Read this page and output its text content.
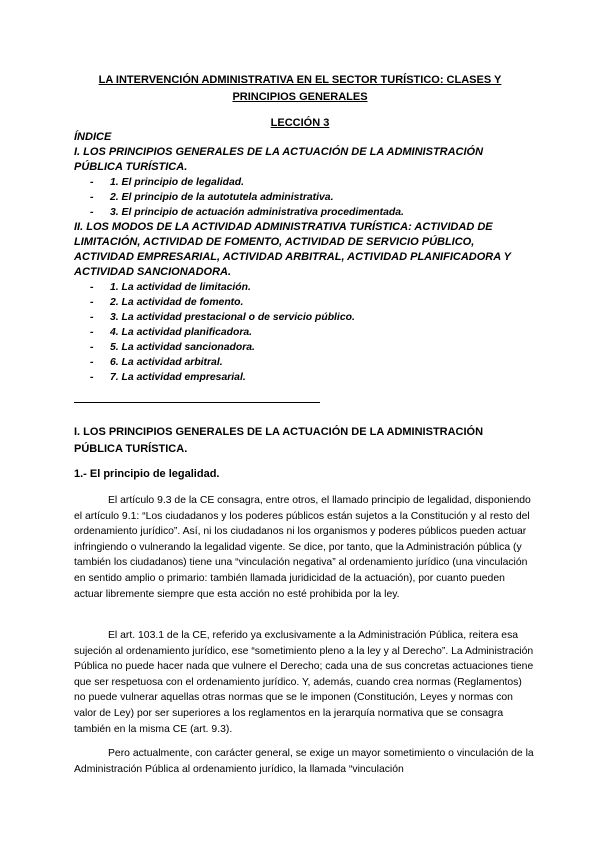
LA INTERVENCIÓN ADMINISTRATIVA EN EL SECTOR TURÍSTICO: CLASES Y PRINCIPIOS GENERALES
LECCIÓN 3
ÍNDICE
I. LOS PRINCIPIOS GENERALES DE LA ACTUACIÓN DE LA ADMINISTRACIÓN PÚBLICA TURÍSTICA.
- 1. El principio de legalidad.
- 2. El principio de la autotutela administrativa.
- 3. El principio de actuación administrativa procedimentada.
II. LOS MODOS DE LA ACTIVIDAD ADMINISTRATIVA TURÍSTICA: ACTIVIDAD DE LIMITACIÓN, ACTIVIDAD DE FOMENTO, ACTIVIDAD DE SERVICIO PÚBLICO, ACTIVIDAD EMPRESARIAL, ACTIVIDAD ARBITRAL, ACTIVIDAD PLANIFICADORA Y ACTIVIDAD SANCIONADORA.
- 1. La actividad de limitación.
- 2. La actividad de fomento.
- 3. La actividad prestacional o de servicio público.
- 4. La actividad planificadora.
- 5. La actividad sancionadora.
- 6. La actividad arbitral.
- 7. La actividad empresarial.
I. LOS PRINCIPIOS GENERALES DE LA ACTUACIÓN DE LA ADMINISTRACIÓN PÚBLICA TURÍSTICA.
1.- El principio de legalidad.

El artículo 9.3 de la CE consagra, entre otros, el llamado principio de legalidad, disponiendo el artículo 9.1: “Los ciudadanos y los poderes públicos están sujetos a la Constitución y al resto del ordenamiento jurídico”. Así, ni los ciudadanos ni los organismos y poderes públicos pueden actuar infringiendo o vulnerando la legalidad vigente. Se dice, por tanto, que la Administración pública (y también los ciudadanos) tiene una “vinculación negativa” al ordenamiento jurídico (una vinculación en sentido amplio o primario: también llamada juridicidad de la actuación), por cuanto pueden actuar libremente siempre que esta acción no esté prohibida por la ley.

El art. 103.1 de la CE, referido ya exclusivamente a la Administración Pública, reitera esa sujeción al ordenamiento jurídico, ese “sometimiento pleno a la ley y al Derecho”. La Administración Pública no puede hacer nada que vulnere el Derecho; cada una de sus concretas actuaciones tiene que ser respetuosa con el ordenamiento jurídico. Y, además, cuando crea normas (Reglamentos) no puede vulnerar aquellas otras normas que se le imponen (Constitución, Leyes y normas con valor de Ley) por ser superiores a los reglamentos en la jerarquía normativa que se consagra también en la misma CE (art. 9.3).

Pero actualmente, con carácter general, se exige un mayor sometimiento o vinculación de la Administración Pública al ordenamiento jurídico, la llamada “vinculación
